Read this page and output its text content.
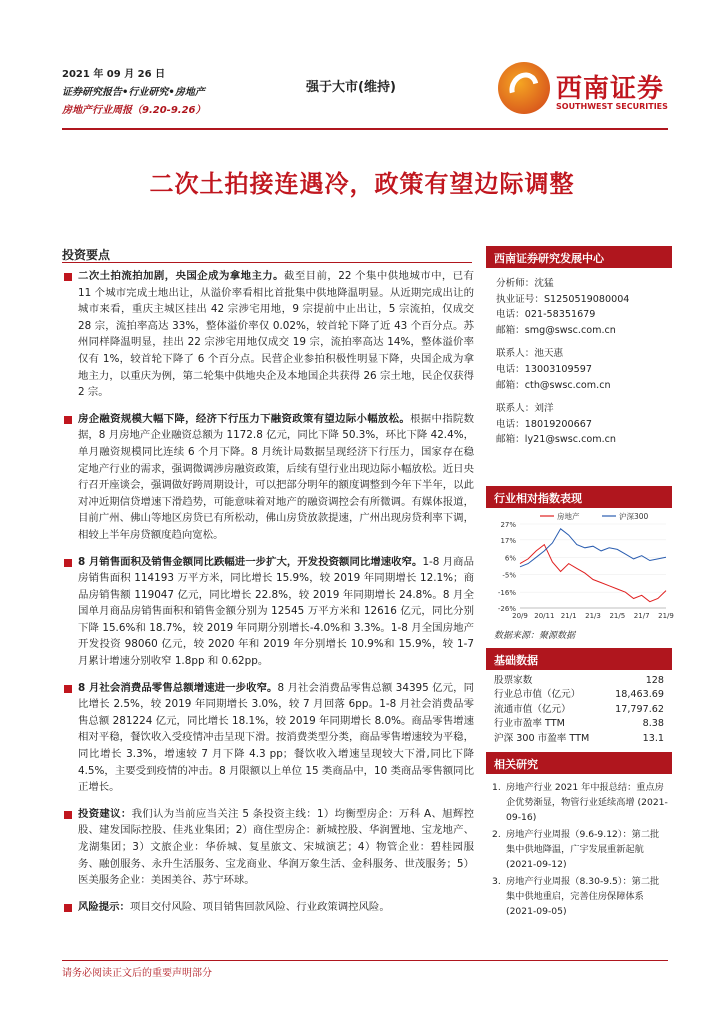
2021 年 09 月 26 日
证券研究报告•行业研究•房地产
房地产行业周报（9.20-9.26）
强于大市(维持)	西南证券
SOUTHWEST SECURITIES
二次土拍接连遇冷，政策有望边际调整
投资要点
二次土拍流拍加剧，央国企成为拿地主力。截至目前，22 个集中供地城市中，已有 11 个城市完成土地出让，从溢价率看相比首批集中供地降温明显。从近期完成出让的城市来看，重庆主城区挂出 42 宗涉宅用地，9 宗提前中止出让，5 宗流拍，仅成交 28 宗，流拍率高达 33%，整体溢价率仅 0.02%，较首轮下降了近 43 个百分点。苏州同样降温明显，挂出 22 宗涉宅用地仅成交 19 宗，流拍率高达 14%，整体溢价率仅有 1%，较首轮下降了 6 个百分点。民营企业参拍积极性明显下降，央国企成为拿地主力，以重庆为例，第二轮集中供地央企及本地国企共获得 26 宗土地，民企仅获得 2 宗。
房企融资规模大幅下降，经济下行压力下融资政策有望边际小幅放松。根据中指院数据，8 月房地产企业融资总额为 1172.8 亿元，同比下降 50.3%，环比下降 42.4%，单月融资规模同比连续 6 个月下降。8 月统计局数据呈现经济下行压力，国家存在稳定地产行业的需求，强调微调涉房融资政策，后续有望行业出现边际小幅放松。近日央行召开座谈会，强调做好跨周期设计，可以把部分明年的额度调整到今年下半年，以此对冲近期信贷增速下滑趋势，可能意味着对地产的融资调控会有所微调。有媒体报道，目前广州、佛山等地区房贷已有所松动，佛山房贷放款提速，广州出现房贷利率下调，相较上半年房贷额度趋向宽松。
8 月销售面积及销售金额同比跌幅进一步扩大，开发投资额同比增速收窄。1-8 月商品房销售面积 114193 万平方米，同比增长 15.9%，较 2019 年同期增长 12.1%；商品房销售额 119047 亿元，同比增长 22.8%，较 2019 年同期增长 24.8%。8 月全国单月商品房销售面积和销售金额分别为 12545 万平方米和 12616 亿元，同比分别下降 15.6%和 18.7%，较 2019 年同期分别增长-4.0%和 3.3%。1-8 月全国房地产开发投资 98060 亿元，较 2020 年和 2019 年分别增长 10.9%和 15.9%，较 1-7 月累计增速分别收窄 1.8pp 和 0.62pp。
8 月社会消费品零售总额增速进一步收窄。8 月社会消费品零售总额 34395 亿元，同比增长 2.5%，较 2019 年同期增长 3.0%，较 7 月回落 6pp。1-8 月社会消费品零售总额 281224 亿元，同比增长 18.1%，较 2019 年同期增长 8.0%。商品零售增速相对平稳，餐饮收入受疫情冲击呈现下滑。按消费类型分类，商品零售增速较为平稳，同比增长 3.3%，增速较 7 月下降 4.3 pp；餐饮收入增速呈现较大下滑,同比下降 4.5%，主要受到疫情的冲击。8 月限额以上单位 15 类商品中，10 类商品零售额同比正增长。
投资建议：我们认为当前应当关注 5 条投资主线：1）均衡型房企：万科 A、旭辉控股、建发国际控股、佳兆业集团；2）商住型房企：新城控股、华润置地、宝龙地产、龙湖集团；3）文旅企业：华侨城、复星旅文、宋城演艺；4）物管企业：碧桂园服务、融创服务、永升生活服务、宝龙商业、华润万象生活、金科服务、世茂服务；5）医美服务企业：美困美谷、苏宁环球。
风险提示：项目交付风险、项目销售回款风险、行业政策调控风险。
西南证券研究发展中心
分析师：沈猛
执业证号：S1250519080004
电话：021-58351679
邮箱：smg@swsc.com.cn
联系人：池天惠
电话：13003109597
邮箱：cth@swsc.com.cn
联系人：刘洋
电话：18019200667
邮箱：ly21@swsc.com.cn
行业相对指数表现
27%
17%
6%
-5%
-16%
-26%
20/9 20/11 21/1 21/3 21/5 21/7 21/9
房地产	沪深300
数据来源：聚源数据
基础数据
股票家数	128
行业总市值（亿元）	18,463.69
流通市值（亿元）	17,797.62
行业市盈率 TTM	8.38
沪深 300 市盈率 TTM	13.1
相关研究
1. 房地产行业 2021 年中报总结：重点房企优势渐显，物管行业延续高增 (2021-09-16)
2. 房地产行业周报（9.6-9.12）：第二批集中供地降温，广宇发展重新起航 (2021-09-12)
3. 房地产行业周报（8.30-9.5）：第二批集中供地重启，完善住房保障体系 (2021-09-05)
请务必阅读正文后的重要声明部分
